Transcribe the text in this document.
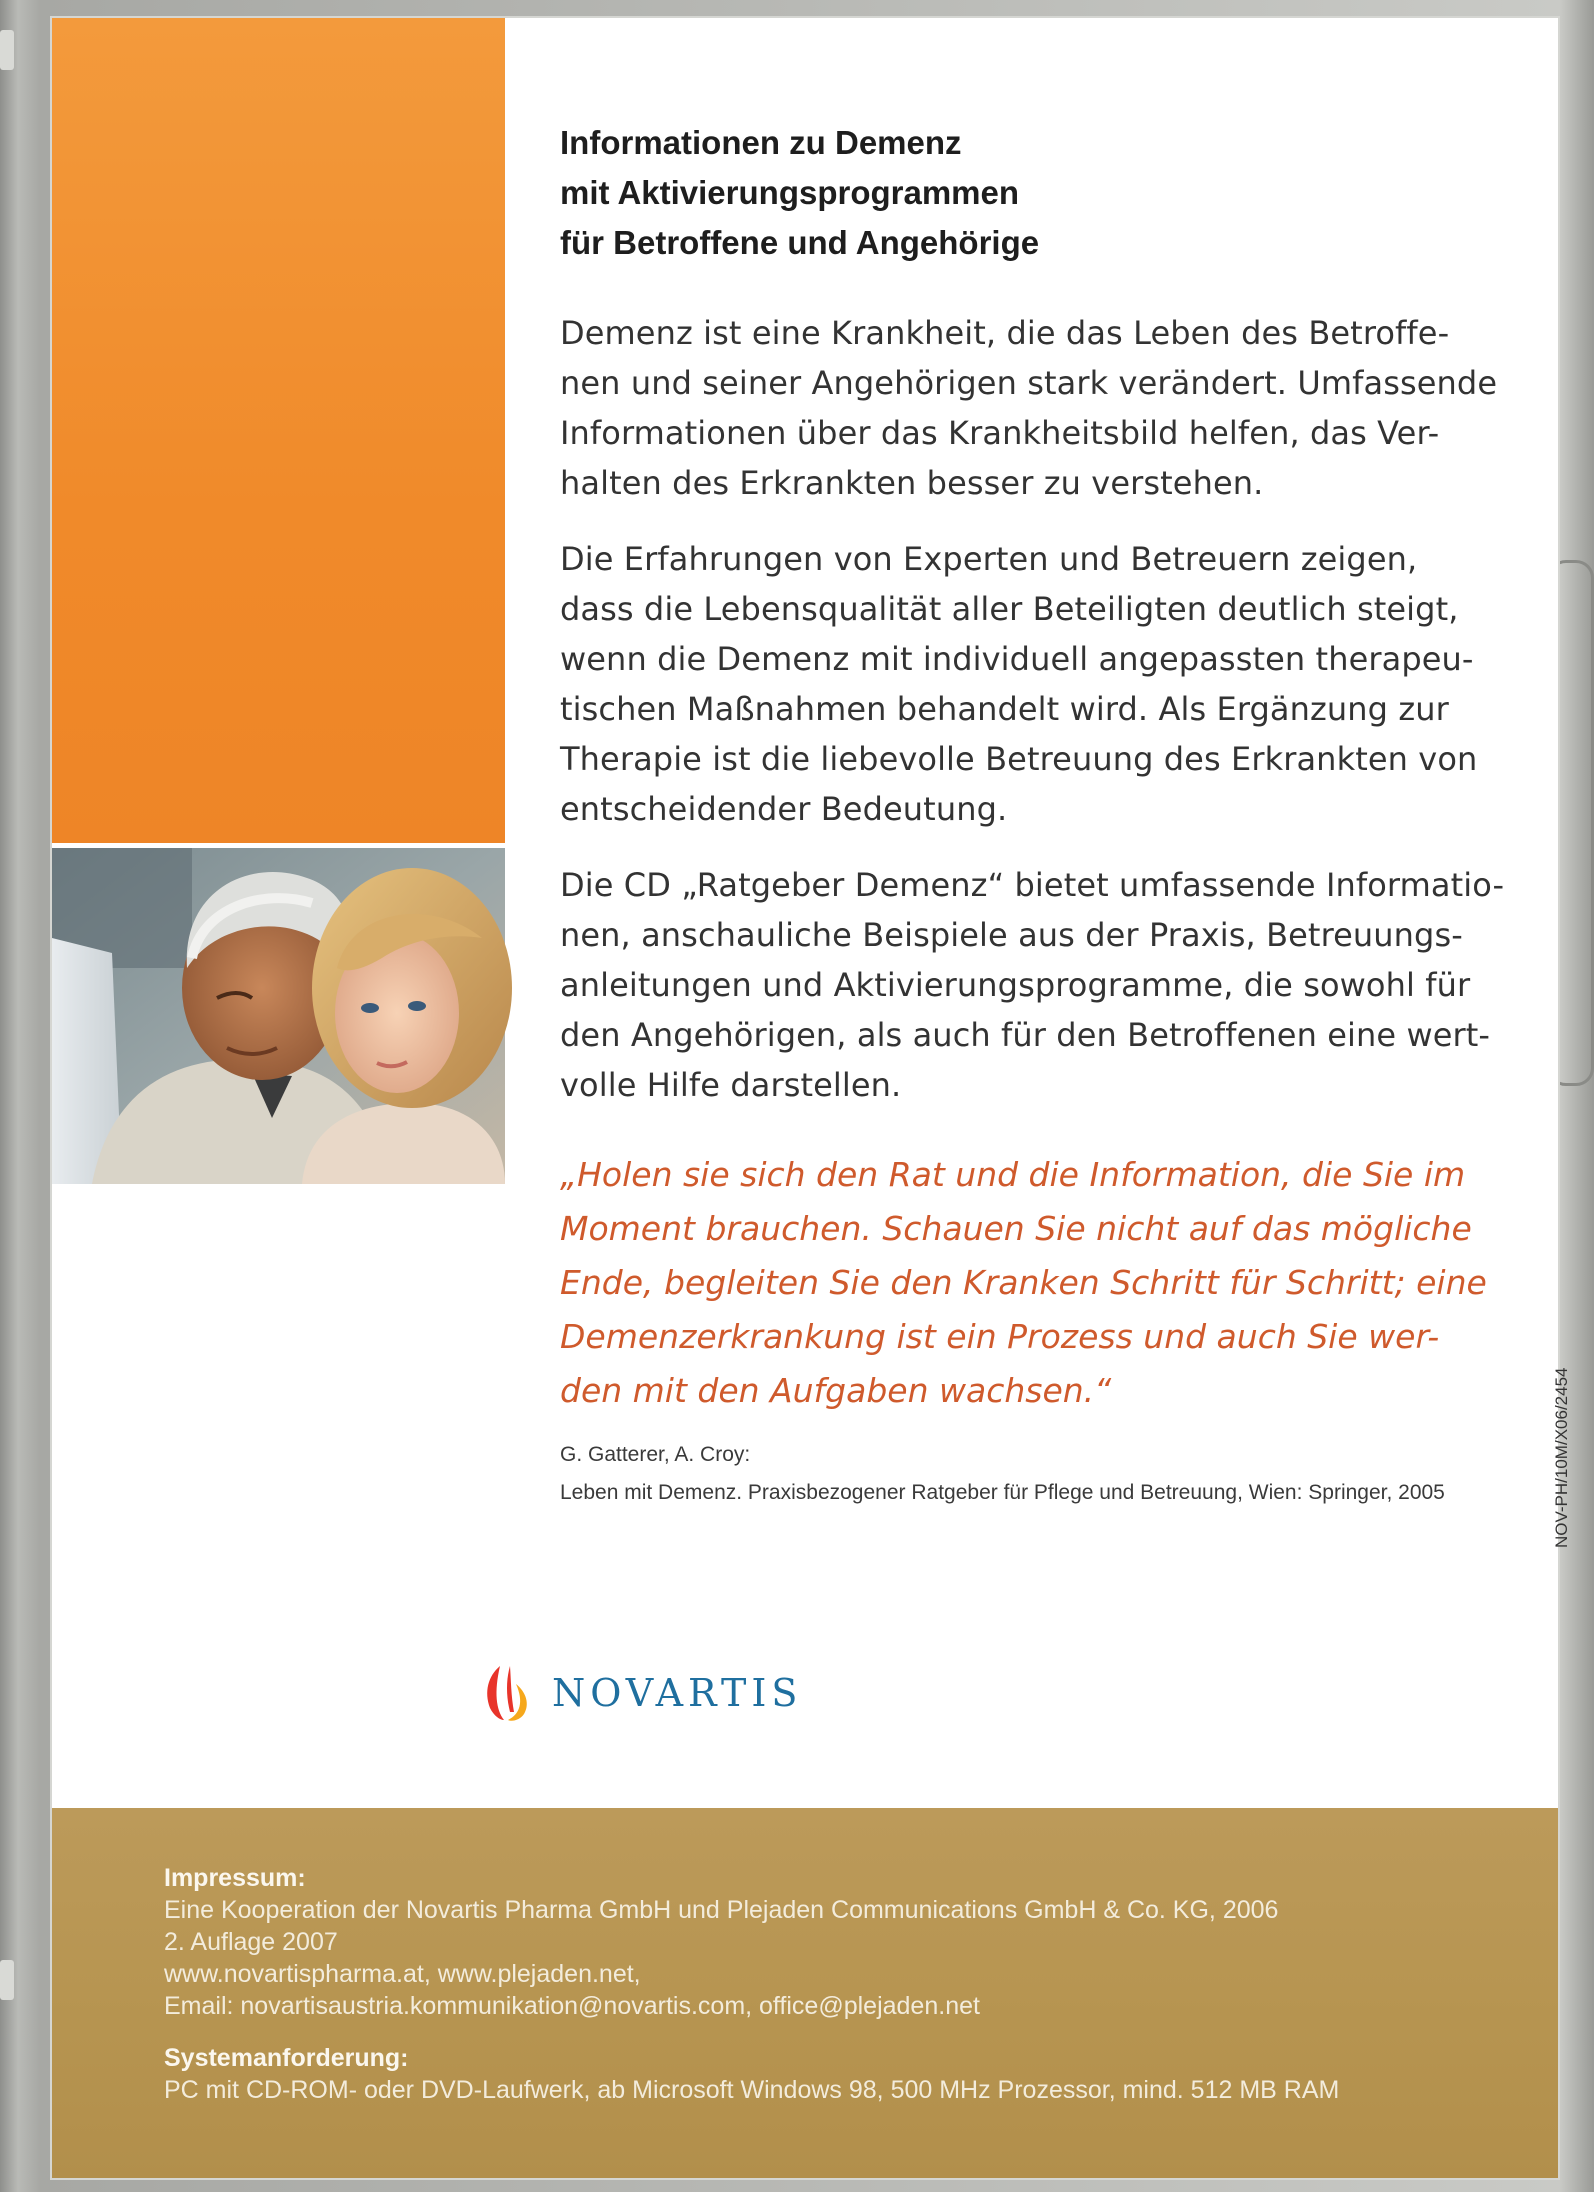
Informationen zu Demenz
mit Aktivierungsprogrammen
für Betroffene und Angehörige
Demenz ist eine Krankheit, die das Leben des Betroffe-
nen und seiner Angehörigen stark verändert. Umfassende
Informationen über das Krankheitsbild helfen, das Ver-
halten des Erkrankten besser zu verstehen.
Die Erfahrungen von Experten und Betreuern zeigen,
dass die Lebensqualität aller Beteiligten deutlich steigt,
wenn die Demenz mit individuell angepassten therapeu-
tischen Maßnahmen behandelt wird. Als Ergänzung zur
Therapie ist die liebevolle Betreuung des Erkrankten von
entscheidender Bedeutung.
Die CD „Ratgeber Demenz“ bietet umfassende Informatio-
nen, anschauliche Beispiele aus der Praxis, Betreuungs-
anleitungen und Aktivierungsprogramme, die sowohl für
den Angehörigen, als auch für den Betroffenen eine wert-
volle Hilfe darstellen.
„Holen sie sich den Rat und die Information, die Sie im
Moment brauchen. Schauen Sie nicht auf das mögliche
Ende, begleiten Sie den Kranken Schritt für Schritt; eine
Demenzerkrankung ist ein Prozess und auch Sie wer-
den mit den Aufgaben wachsen.“
G. Gatterer, A. Croy:
Leben mit Demenz. Praxisbezogener Ratgeber für Pflege und Betreuung, Wien: Springer, 2005
NOVARTIS
NOV-PH/10M/X06/2454
Impressum:
Eine Kooperation der Novartis Pharma GmbH und Plejaden Communications GmbH & Co. KG, 2006
2. Auflage 2007
www.novartispharma.at, www.plejaden.net,
Email: novartisaustria.kommunikation@novartis.com, office@plejaden.net
Systemanforderung:
PC mit CD-ROM- oder DVD-Laufwerk, ab Microsoft Windows 98, 500 MHz Prozessor, mind. 512 MB RAM
